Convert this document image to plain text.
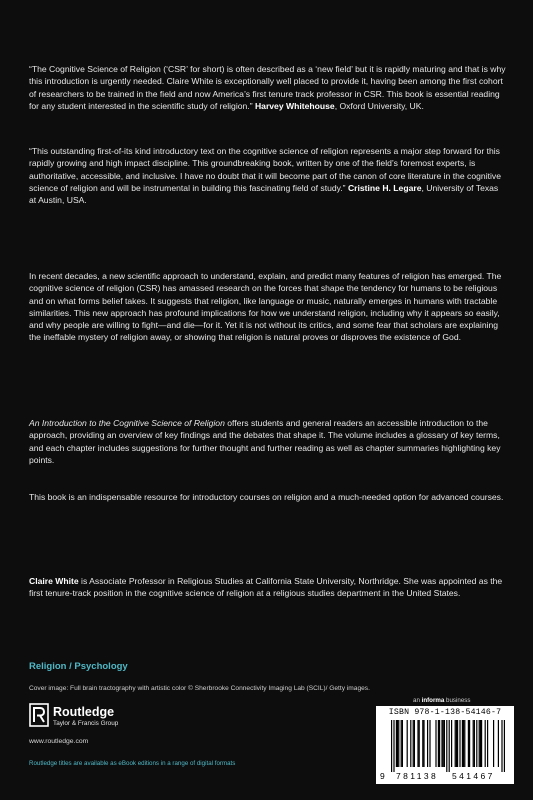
“The Cognitive Science of Religion (‘CSR’ for short) is often described as a ‘new field’ but it is rapidly maturing and that is why this introduction is urgently needed. Claire White is exceptionally well placed to provide it, having been among the first cohort of researchers to be trained in the field and now America’s first tenure track professor in CSR. This book is essential reading for any student interested in the scientific study of religion.” Harvey Whitehouse, Oxford University, UK.

“This outstanding first-of-its kind introductory text on the cognitive science of religion represents a major step forward for this rapidly growing and high impact discipline. This groundbreaking book, written by one of the field’s foremost experts, is authoritative, accessible, and inclusive. I have no doubt that it will become part of the canon of core literature in the cognitive science of religion and will be instrumental in building this fascinating field of study.” Cristine H. Legare, University of Texas at Austin, USA.

In recent decades, a new scientific approach to understand, explain, and predict many features of religion has emerged. The cognitive science of religion (CSR) has amassed research on the forces that shape the tendency for humans to be religious and on what forms belief takes. It suggests that religion, like language or music, naturally emerges in humans with tractable similarities. This new approach has profound implications for how we understand religion, including why it appears so easily, and why people are willing to fight—and die—for it. Yet it is not without its critics, and some fear that scholars are explaining the ineffable mystery of religion away, or showing that religion is natural proves or disproves the existence of God.

An Introduction to the Cognitive Science of Religion offers students and general readers an accessible introduction to the approach, providing an overview of key findings and the debates that shape it. The volume includes a glossary of key terms, and each chapter includes suggestions for further thought and further reading as well as chapter summaries highlighting key points.

This book is an indispensable resource for introductory courses on religion and a much-needed option for advanced courses.

Claire White is Associate Professor in Religious Studies at California State University, Northridge. She was appointed as the first tenure-track position in the cognitive science of religion at a religious studies department in the United States.

Religion / Psychology
Cover image: Full brain tractography with artistic color © Sherbrooke Connectivity Imaging Lab (SCIL)/ Getty images.
Routledge
Taylor & Francis Group
www.routledge.com
Routledge titles are available as eBook editions in a range of digital formats
an informa business
ISBN 978-1-138-54146-7
9 781138 541467
